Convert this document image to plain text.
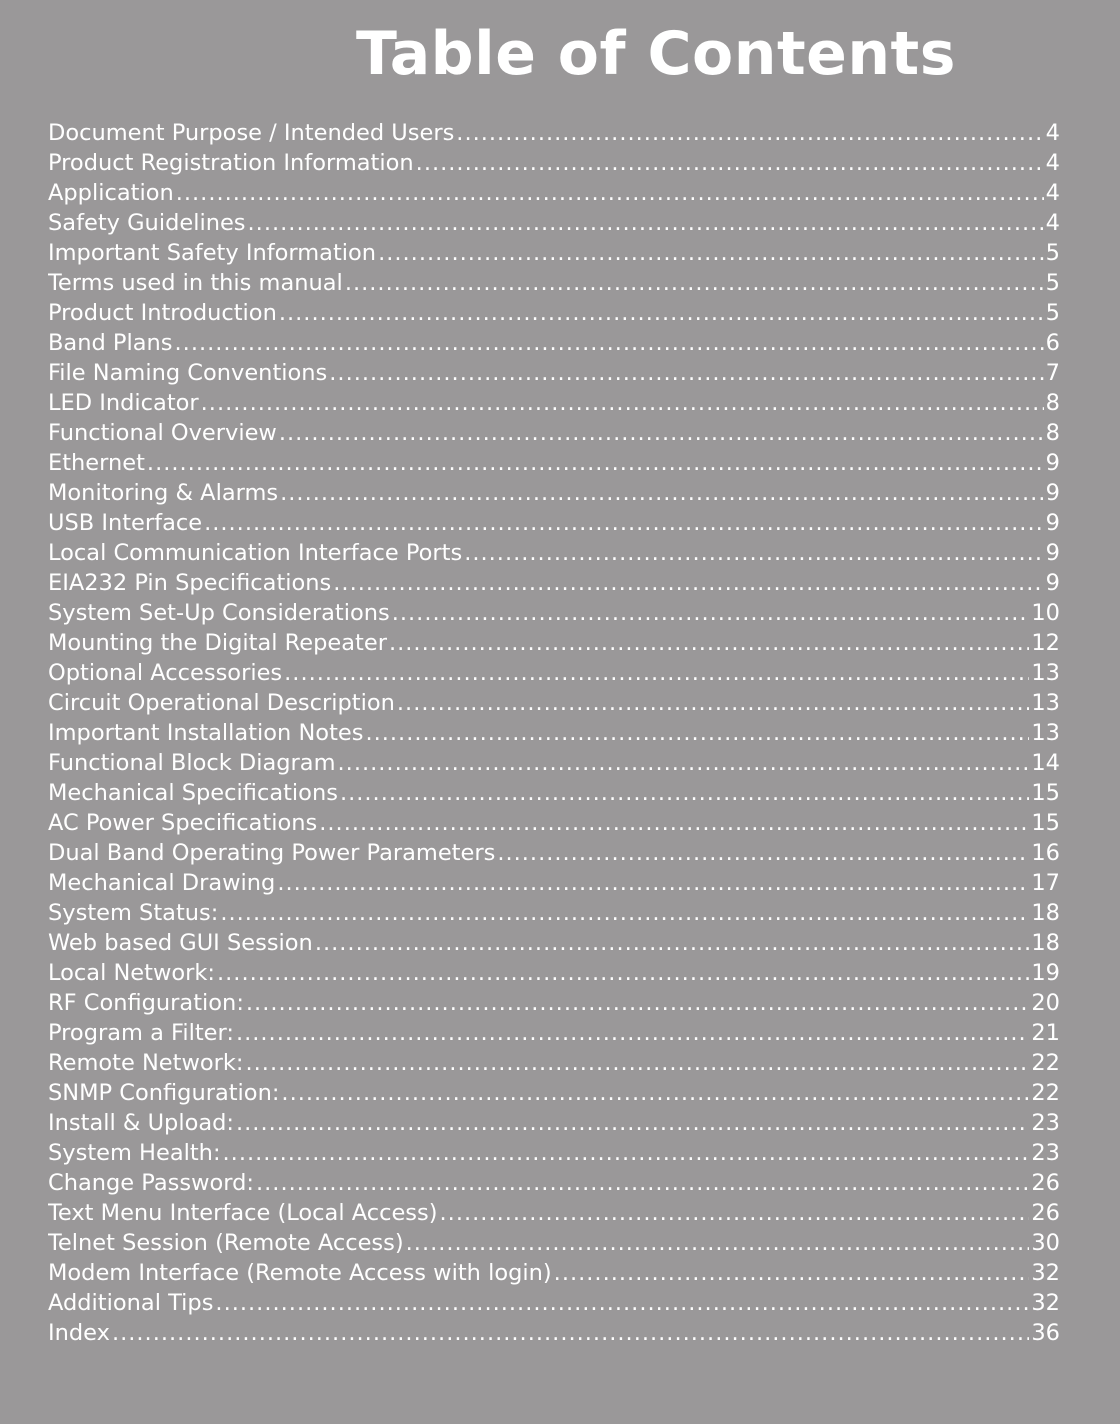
Table of Contents
Document Purpose / Intended Users .....	4
Product Registration Information .....	4
Application .....	4
Safety Guidelines .....	4
Important Safety Information .....	5
Terms used in this manual .....	5
Product Introduction .....	5
Band Plans .....	6
File Naming Conventions .....	7
LED Indicator .....	8
Functional Overview .....	8
Ethernet .....	9
Monitoring & Alarms .....	9
USB Interface .....	9
Local Communication Interface Ports .....	9
EIA232 Pin Specifications .....	9
System Set-Up Considerations .....	10
Mounting the Digital Repeater .....	12
Optional Accessories .....	13
Circuit Operational Description .....	13
Important Installation Notes .....	13
Functional Block Diagram .....	14
Mechanical Specifications .....	15
AC Power Specifications .....	15
Dual Band Operating Power Parameters .....	16
Mechanical Drawing .....	17
System Status: .....	18
Web based GUI Session .....	18
Local Network: .....	19
RF Configuration: .....	20
Program a Filter: .....	21
Remote Network: .....	22
SNMP Configuration: .....	22
Install & Upload: .....	23
System Health: .....	23
Change Password: .....	26
Text Menu Interface (Local Access) .....	26
Telnet Session (Remote Access) .....	30
Modem Interface (Remote Access with login) .....	32
Additional Tips .....	32
Index .....	36
